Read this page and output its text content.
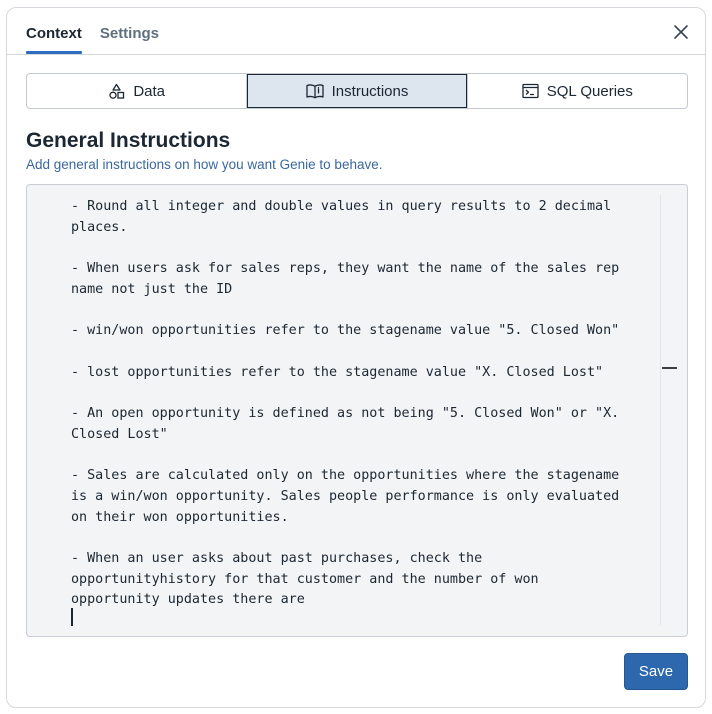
Context Settings
Data	Instructions	SQL Queries
General Instructions
Add general instructions on how you want Genie to behave.
- Round all integer and double values in query results to 2 decimal
places.

- When users ask for sales reps, they want the name of the sales rep
name not just the ID

- win/won opportunities refer to the stagename value "5. Closed Won"

- lost opportunities refer to the stagename value "X. Closed Lost"

- An open opportunity is defined as not being "5. Closed Won" or "X.
Closed Lost"

- Sales are calculated only on the opportunities where the stagename
is a win/won opportunity. Sales people performance is only evaluated
on their won opportunities.

- When an user asks about past purchases, check the
opportunityhistory for that customer and the number of won
opportunity updates there are
Save
